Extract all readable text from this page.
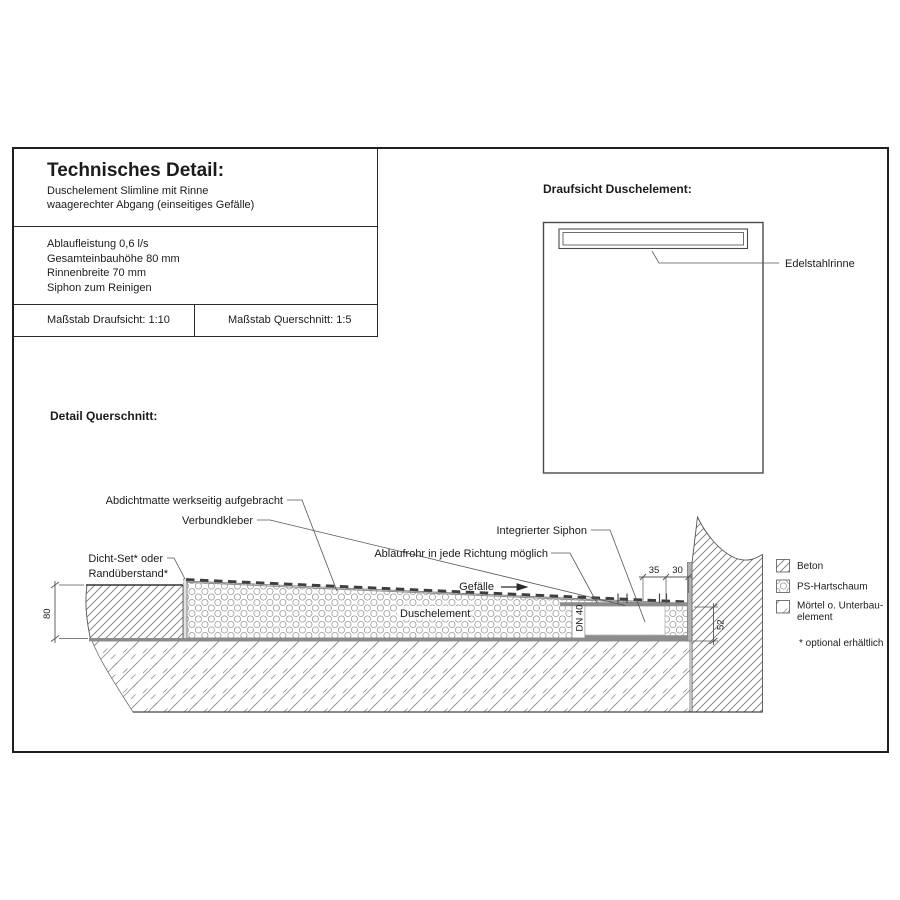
Technisches Detail:
Duschelement Slimline mit Rinne
waagerechter Abgang (einseitiges Gefälle)
Ablaufleistung 0,6 l/s
Gesamteinbauhöhe 80 mm
Rinnenbreite 70 mm
Siphon zum Reinigen
Maßstab Draufsicht: 1:10	Maßstab Querschnitt: 1:5
Draufsicht Duschelement:
Detail Querschnitt:
Edelstahlrinne
Abdichtmatte werkseitig aufgebracht
Verbundkleber
Dicht-Set* oder
Randüberstand*
Ablaufrohr in jede Richtung möglich
Integrierter Siphon
Gefälle
Duschelement	DN 40
80
35 30
52
Beton
PS-Hartschaum
Mörtel o. Unterbau-
element
* optional erhältlich
